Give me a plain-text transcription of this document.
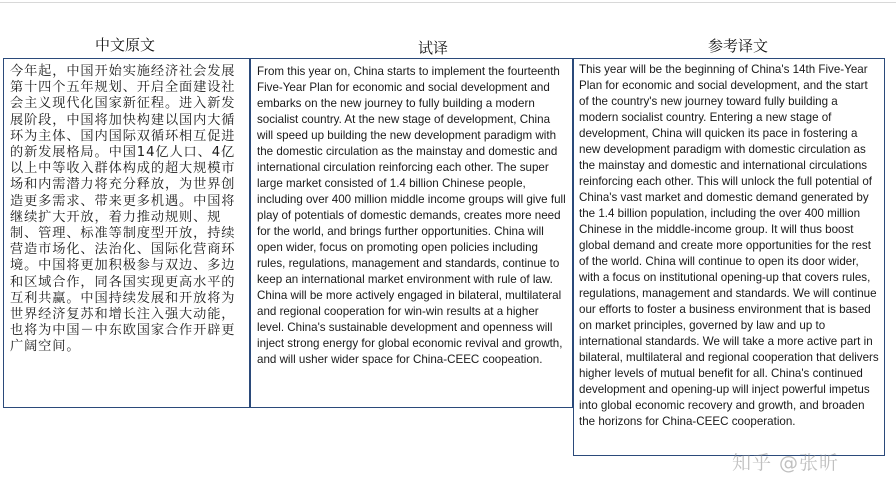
中文原文	试译	参考译文

今年起，中国开始实施经济社会发展第十四个五年规划、开启全面建设社会主义现代化国家新征程。进入新发展阶段，中国将加快构建以国内大循环为主体、国内国际双循环相互促进的新发展格局。中国14亿人口、4亿以上中等收入群体构成的超大规模市场和内需潜力将充分释放，为世界创造更多需求、带来更多机遇。中国将继续扩大开放，着力推动规则、规制、管理、标准等制度型开放，持续营造市场化、法治化、国际化营商环境。中国将更加积极参与双边、多边和区域合作，同各国实现更高水平的互利共赢。中国持续发展和开放将为世界经济复苏和增长注入强大动能，也将为中国－中东欧国家合作开辟更广阔空间。

From this year on, China starts to implement the fourteenth Five-Year Plan for economic and social development and embarks on the new journey to fully building a modern socialist country. At the new stage of development, China will speed up building the new development paradigm with the domestic circulation as the mainstay and domestic and international circulation reinforcing each other. The super large market consisted of 1.4 billion Chinese people, including over 400 million middle income groups will give full play of potentials of domestic demands, creates more need for the world, and brings further opportunities. China will open wider, focus on promoting open policies including rules, regulations, management and standards, continue to keep an international market environment with rule of law. China will be more actively engaged in bilateral, multilateral and regional cooperation for win-win results at a higher level. China's sustainable development and openness will inject strong energy for global economic revival and growth, and will usher wider space for China-CEEC coopeation.

This year will be the beginning of China's 14th Five-Year Plan for economic and social development, and the start of the country's new journey toward fully building a modern socialist country. Entering a new stage of development, China will quicken its pace in fostering a new development paradigm with domestic circulation as the mainstay and domestic and international circulations reinforcing each other. This will unlock the full potential of China's vast market and domestic demand generated by the 1.4 billion population, including the over 400 million Chinese in the middle-income group. It will thus boost global demand and create more opportunities for the rest of the world. China will continue to open its door wider, with a focus on institutional opening-up that covers rules, regulations, management and standards. We will continue our efforts to foster a business environment that is based on market principles, governed by law and up to international standards. We will take a more active part in bilateral, multilateral and regional cooperation that delivers higher levels of mutual benefit for all. China's continued development and opening-up will inject powerful impetus into global economic recovery and growth, and broaden the horizons for China-CEEC cooperation.

知乎 @张昕
